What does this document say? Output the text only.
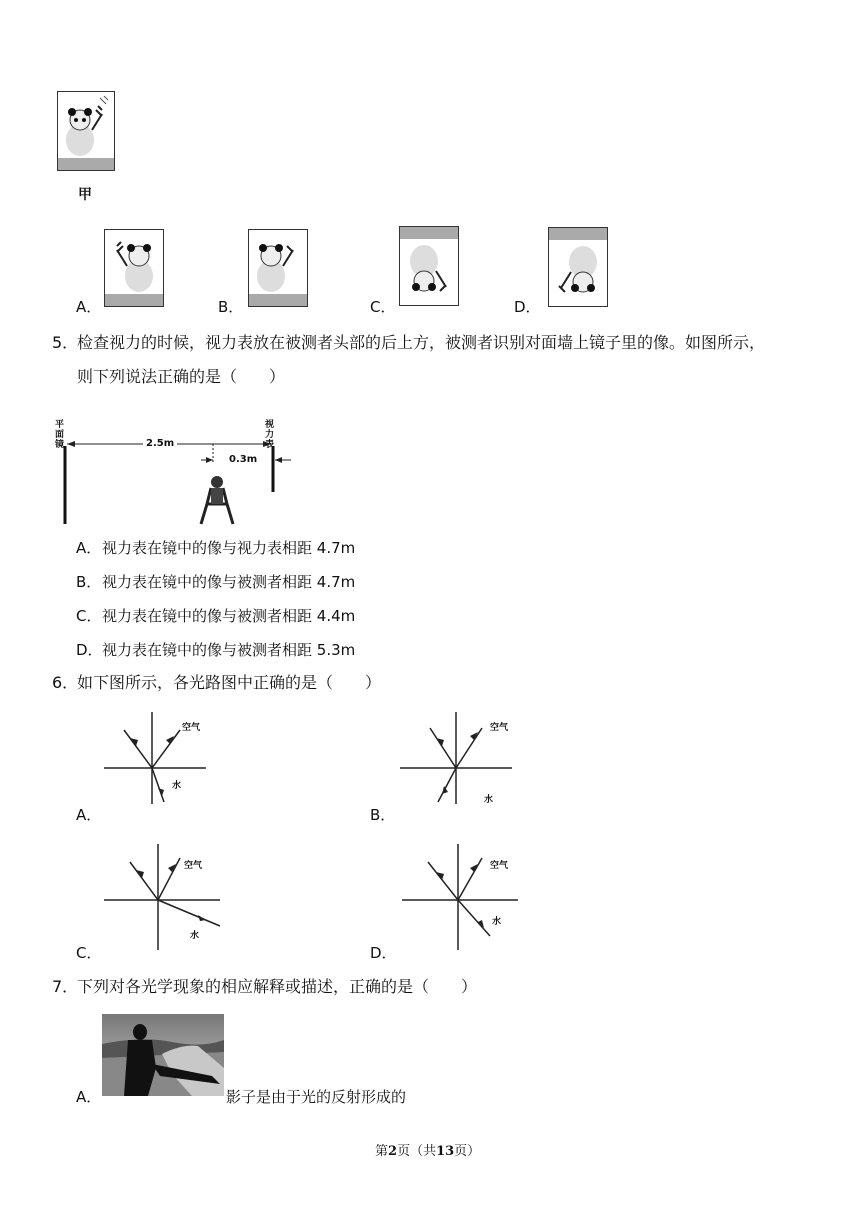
甲
A．	B．	C．	D．
5．
检查视力的时候，视力表放在被测者头部的后上方，被测者识别对面墙上镜子里的像。如图所示，
则下列说法正确的是（　　）
平面镜
视力表
2.5m
0.3m
A． 视力表在镜中的像与视力表相距 4.7m
B． 视力表在镜中的像与被测者相距 4.7m
C． 视力表在镜中的像与被测者相距 4.4m
D． 视力表在镜中的像与被测者相距 5.3m
6．
如下图所示，各光路图中正确的是（　　）
空气
水
A．
空气
水
B．
空气
水
C．
空气
水
D．
7．
下列对各光学现象的相应解释或描述，正确的是（　　）
A．	影子是由于光的反射形成的
第2页（共13页）
